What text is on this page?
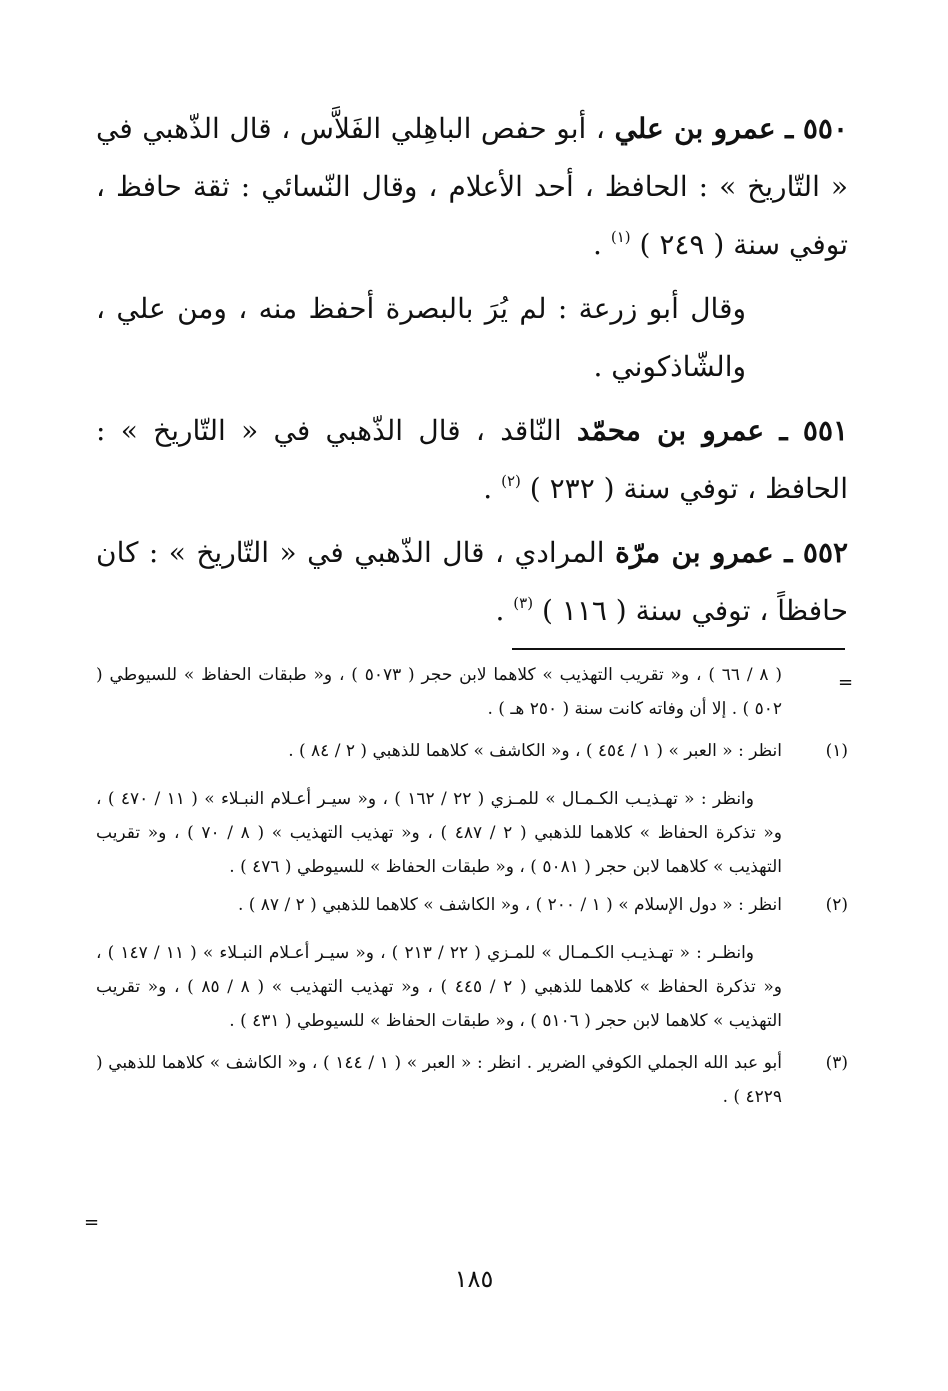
٥٥٠ ـ عمرو بن علي ، أبو حفص الباهِلي الفَلاَّس ، قال الذّهبي في « التّاريخ » : الحافظ ، أحد الأعلام ، وقال النّسائي : ثقة حافظ ، توفي سنة ( ٢٤٩ ) $^{(١)}$ .
وقال أبو زرعة : لم يُرَ بالبصرة أحفظ منه ، ومن علي ، والشّاذكوني .
٥٥١ ـ عمرو بن محمّد النّاقد ، قال الذّهبي في « التّاريخ » : الحافظ ، توفي سنة ( ٢٣٢ ) $^{(٢)}$ .
٥٥٢ ـ عمرو بن مرّة المرادي ، قال الذّهبي في « التّاريخ » : كان حافظاً ، توفي سنة ( ١١٦ ) $^{(٣)}$ .
=
( ٨ / ٦٦ ) ، و« تقريب التهذيب » كلاهما لابن حجر ( ٥٠٧٣ ) ، و« طبقات الحفاظ » للسيوطي ( ٥٠٢ ) . إلا أن وفاته كانت سنة ( ٢٥٠ هـ ) .
(١)
انظر : « العبر » ( ١ / ٤٥٤ ) ، و« الكاشف » كلاهما للذهبي ( ٢ / ٨٤ ) .
وانظر : « تهـذيـب الكـمـال » للمـزي ( ٢٢ / ١٦٢ ) ، و« سيـر أعـلام النبـلاء » ( ١١ / ٤٧٠ ) ، و« تذكرة الحفاظ » كلاهما للذهبي ( ٢ / ٤٨٧ ) ، و« تهذيب التهذيب » ( ٨ / ٧٠ ) ، و« تقريب التهذيب » كلاهما لابن حجر ( ٥٠٨١ ) ، و« طبقات الحفاظ » للسيوطي ( ٤٧٦ ) .
(٢)
انظر : « دول الإسلام » ( ١ / ٢٠٠ ) ، و« الكاشف » كلاهما للذهبي ( ٢ / ٨٧ ) .
وانظـر : « تهـذيـب الكـمـال » للمـزي ( ٢٢ / ٢١٣ ) ، و« سيـر أعـلام النبـلاء » ( ١١ / ١٤٧ ) ، و« تذكرة الحفاظ » كلاهما للذهبي ( ٢ / ٤٤٥ ) ، و« تهذيب التهذيب » ( ٨ / ٨٥ ) ، و« تقريب التهذيب » كلاهما لابن حجر ( ٥١٠٦ ) ، و« طبقات الحفاظ » للسيوطي ( ٤٣١ ) .
(٣)
أبو عبد الله الجملي الكوفي الضرير . انظر : « العبر » ( ١ / ١٤٤ ) ، و« الكاشف » كلاهما للذهبي ( ٤٢٢٩ ) .
=
١٨٥
